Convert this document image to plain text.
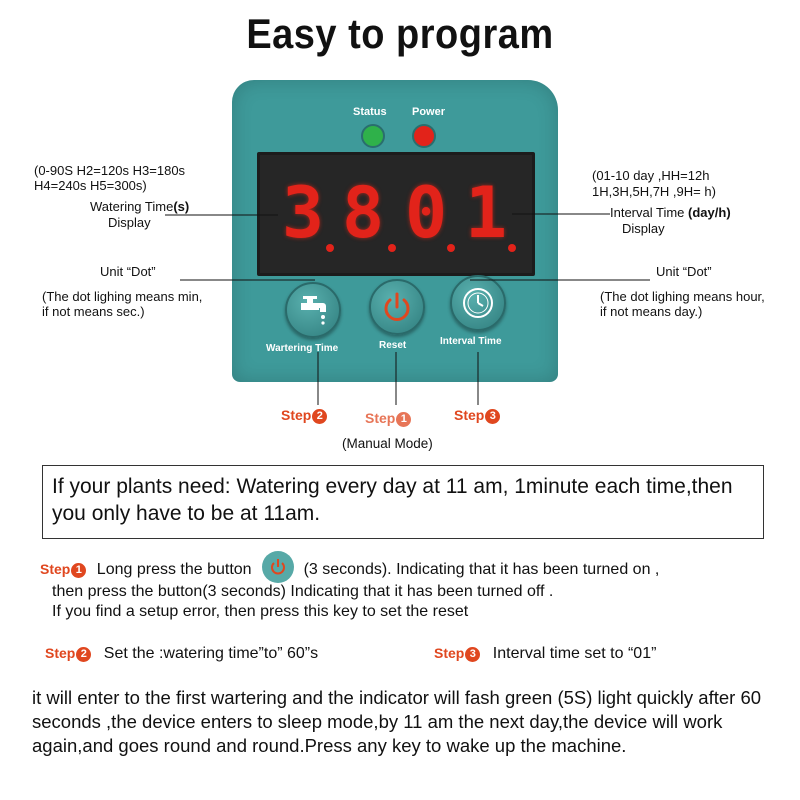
Easy to program
Status Power
3 8 0 1
Wartering Time	Reset	Interval Time
(0-90S H2=120s H3=180s
H4=240s H5=300s)
Watering Time(s)
Display
Unit “Dot”
(The dot lighing means min,
if not means sec.)
(01-10 day ,HH=12h
1H,3H,5H,7H ,9H= h)
Interval Time (day/h)
Display
Unit “Dot”
(The dot lighing means hour,
if not means day.)
Step 2	Step 1	Step 3
(Manual Mode)
If your plants need: Watering every day at 11 am, 1minute each time,then you only have to be at 11am.
Step 1 Long press the button	(3 seconds). Indicating that it has been turned on ,
then press the button(3 seconds) Indicating that it has been turned off .
If you find a setup error, then press this key to set the reset
Step 2 Set the :watering time”to” 60”s	Step 3 Interval time set to “01”
it will enter to the first wartering and the indicator will fash green (5S) light quickly after 60 seconds ,the device enters to sleep mode,by 11 am the next day,the device will work again,and goes round and round.Press any key to wake up the machine.
